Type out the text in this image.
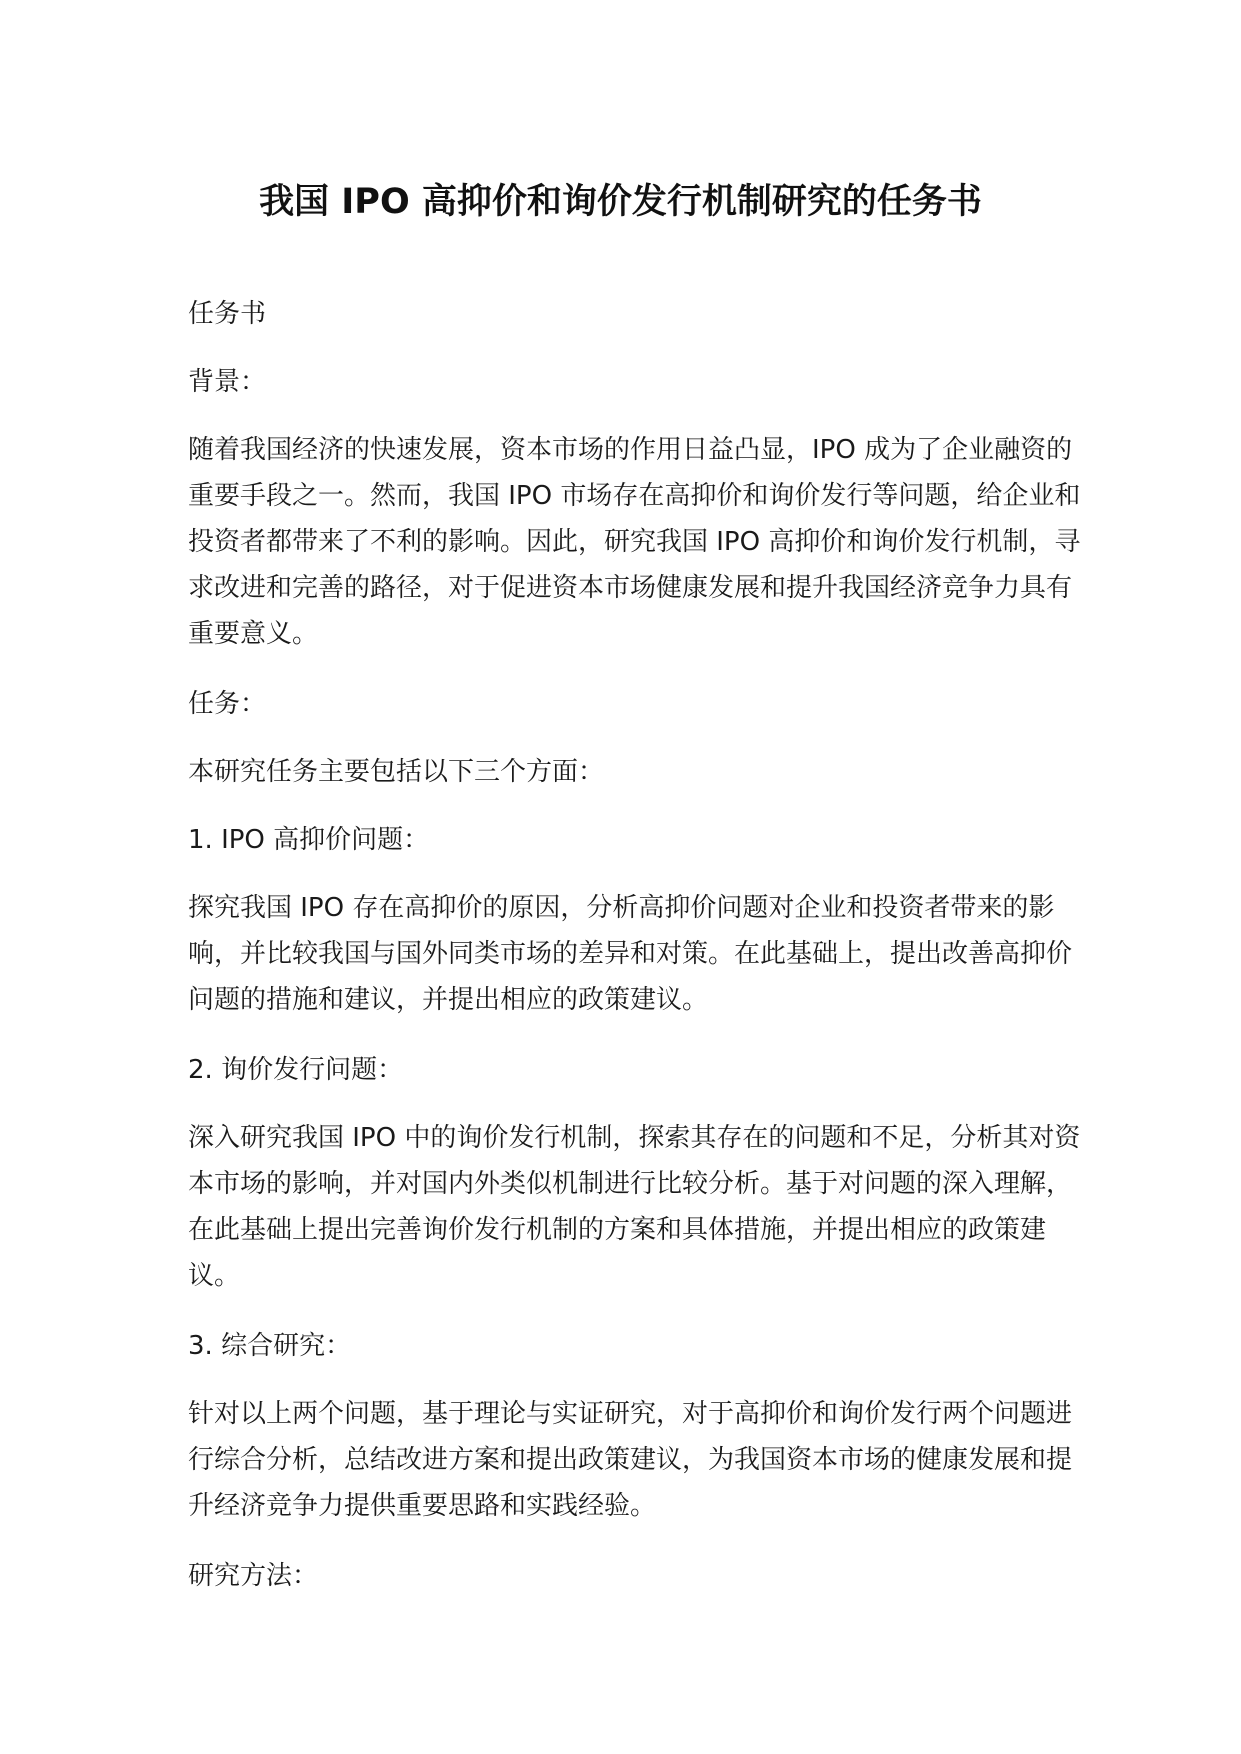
我国 IPO 高抑价和询价发行机制研究的任务书

任务书

背景：

随着我国经济的快速发展，资本市场的作用日益凸显，IPO 成为了企业融资的重要手段之一。然而，我国 IPO 市场存在高抑价和询价发行等问题，给企业和投资者都带来了不利的影响。因此，研究我国 IPO 高抑价和询价发行机制，寻求改进和完善的路径，对于促进资本市场健康发展和提升我国经济竞争力具有重要意义。

任务：

本研究任务主要包括以下三个方面：

1. IPO 高抑价问题：

探究我国 IPO 存在高抑价的原因，分析高抑价问题对企业和投资者带来的影响，并比较我国与国外同类市场的差异和对策。在此基础上，提出改善高抑价问题的措施和建议，并提出相应的政策建议。

2. 询价发行问题：

深入研究我国 IPO 中的询价发行机制，探索其存在的问题和不足，分析其对资本市场的影响，并对国内外类似机制进行比较分析。基于对问题的深入理解，在此基础上提出完善询价发行机制的方案和具体措施，并提出相应的政策建议。

3. 综合研究：

针对以上两个问题，基于理论与实证研究，对于高抑价和询价发行两个问题进行综合分析，总结改进方案和提出政策建议，为我国资本市场的健康发展和提升经济竞争力提供重要思路和实践经验。

研究方法：
